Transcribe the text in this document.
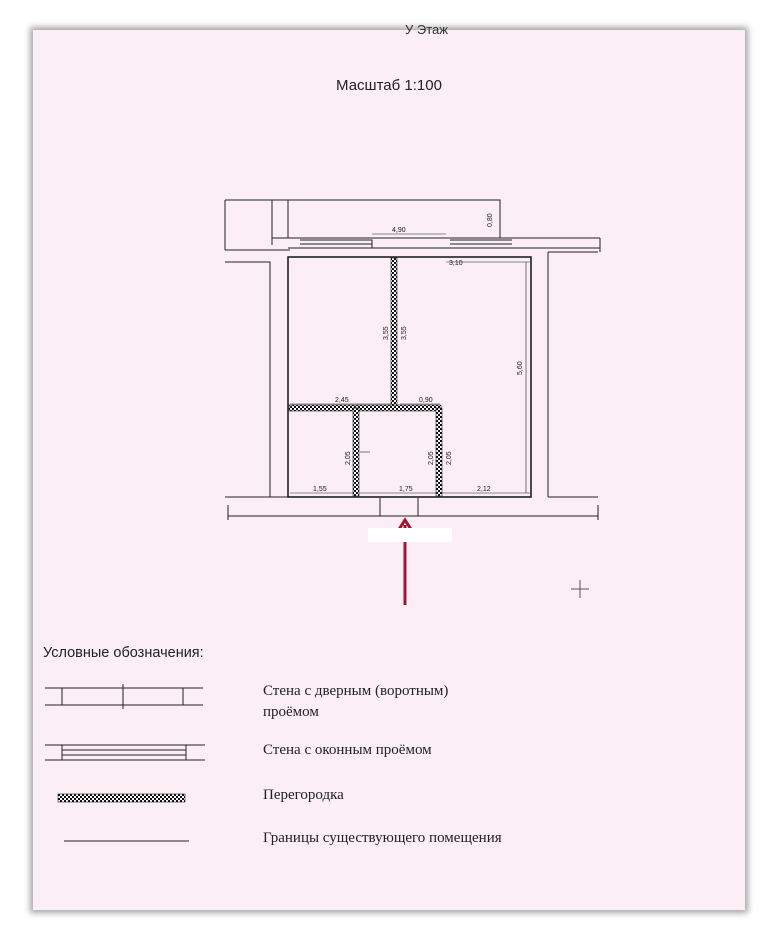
У Этаж
Масштаб 1:100
4,90
0,80
3,10
5,60
3,55 3,55
2,45	0,90
2,05	2,05 2,05
1,55	1,75	2,12
Условные обозначения:
Стена с дверным (воротным)
проёмом
Стена с оконным проёмом
Перегородка
Границы существующего помещения
